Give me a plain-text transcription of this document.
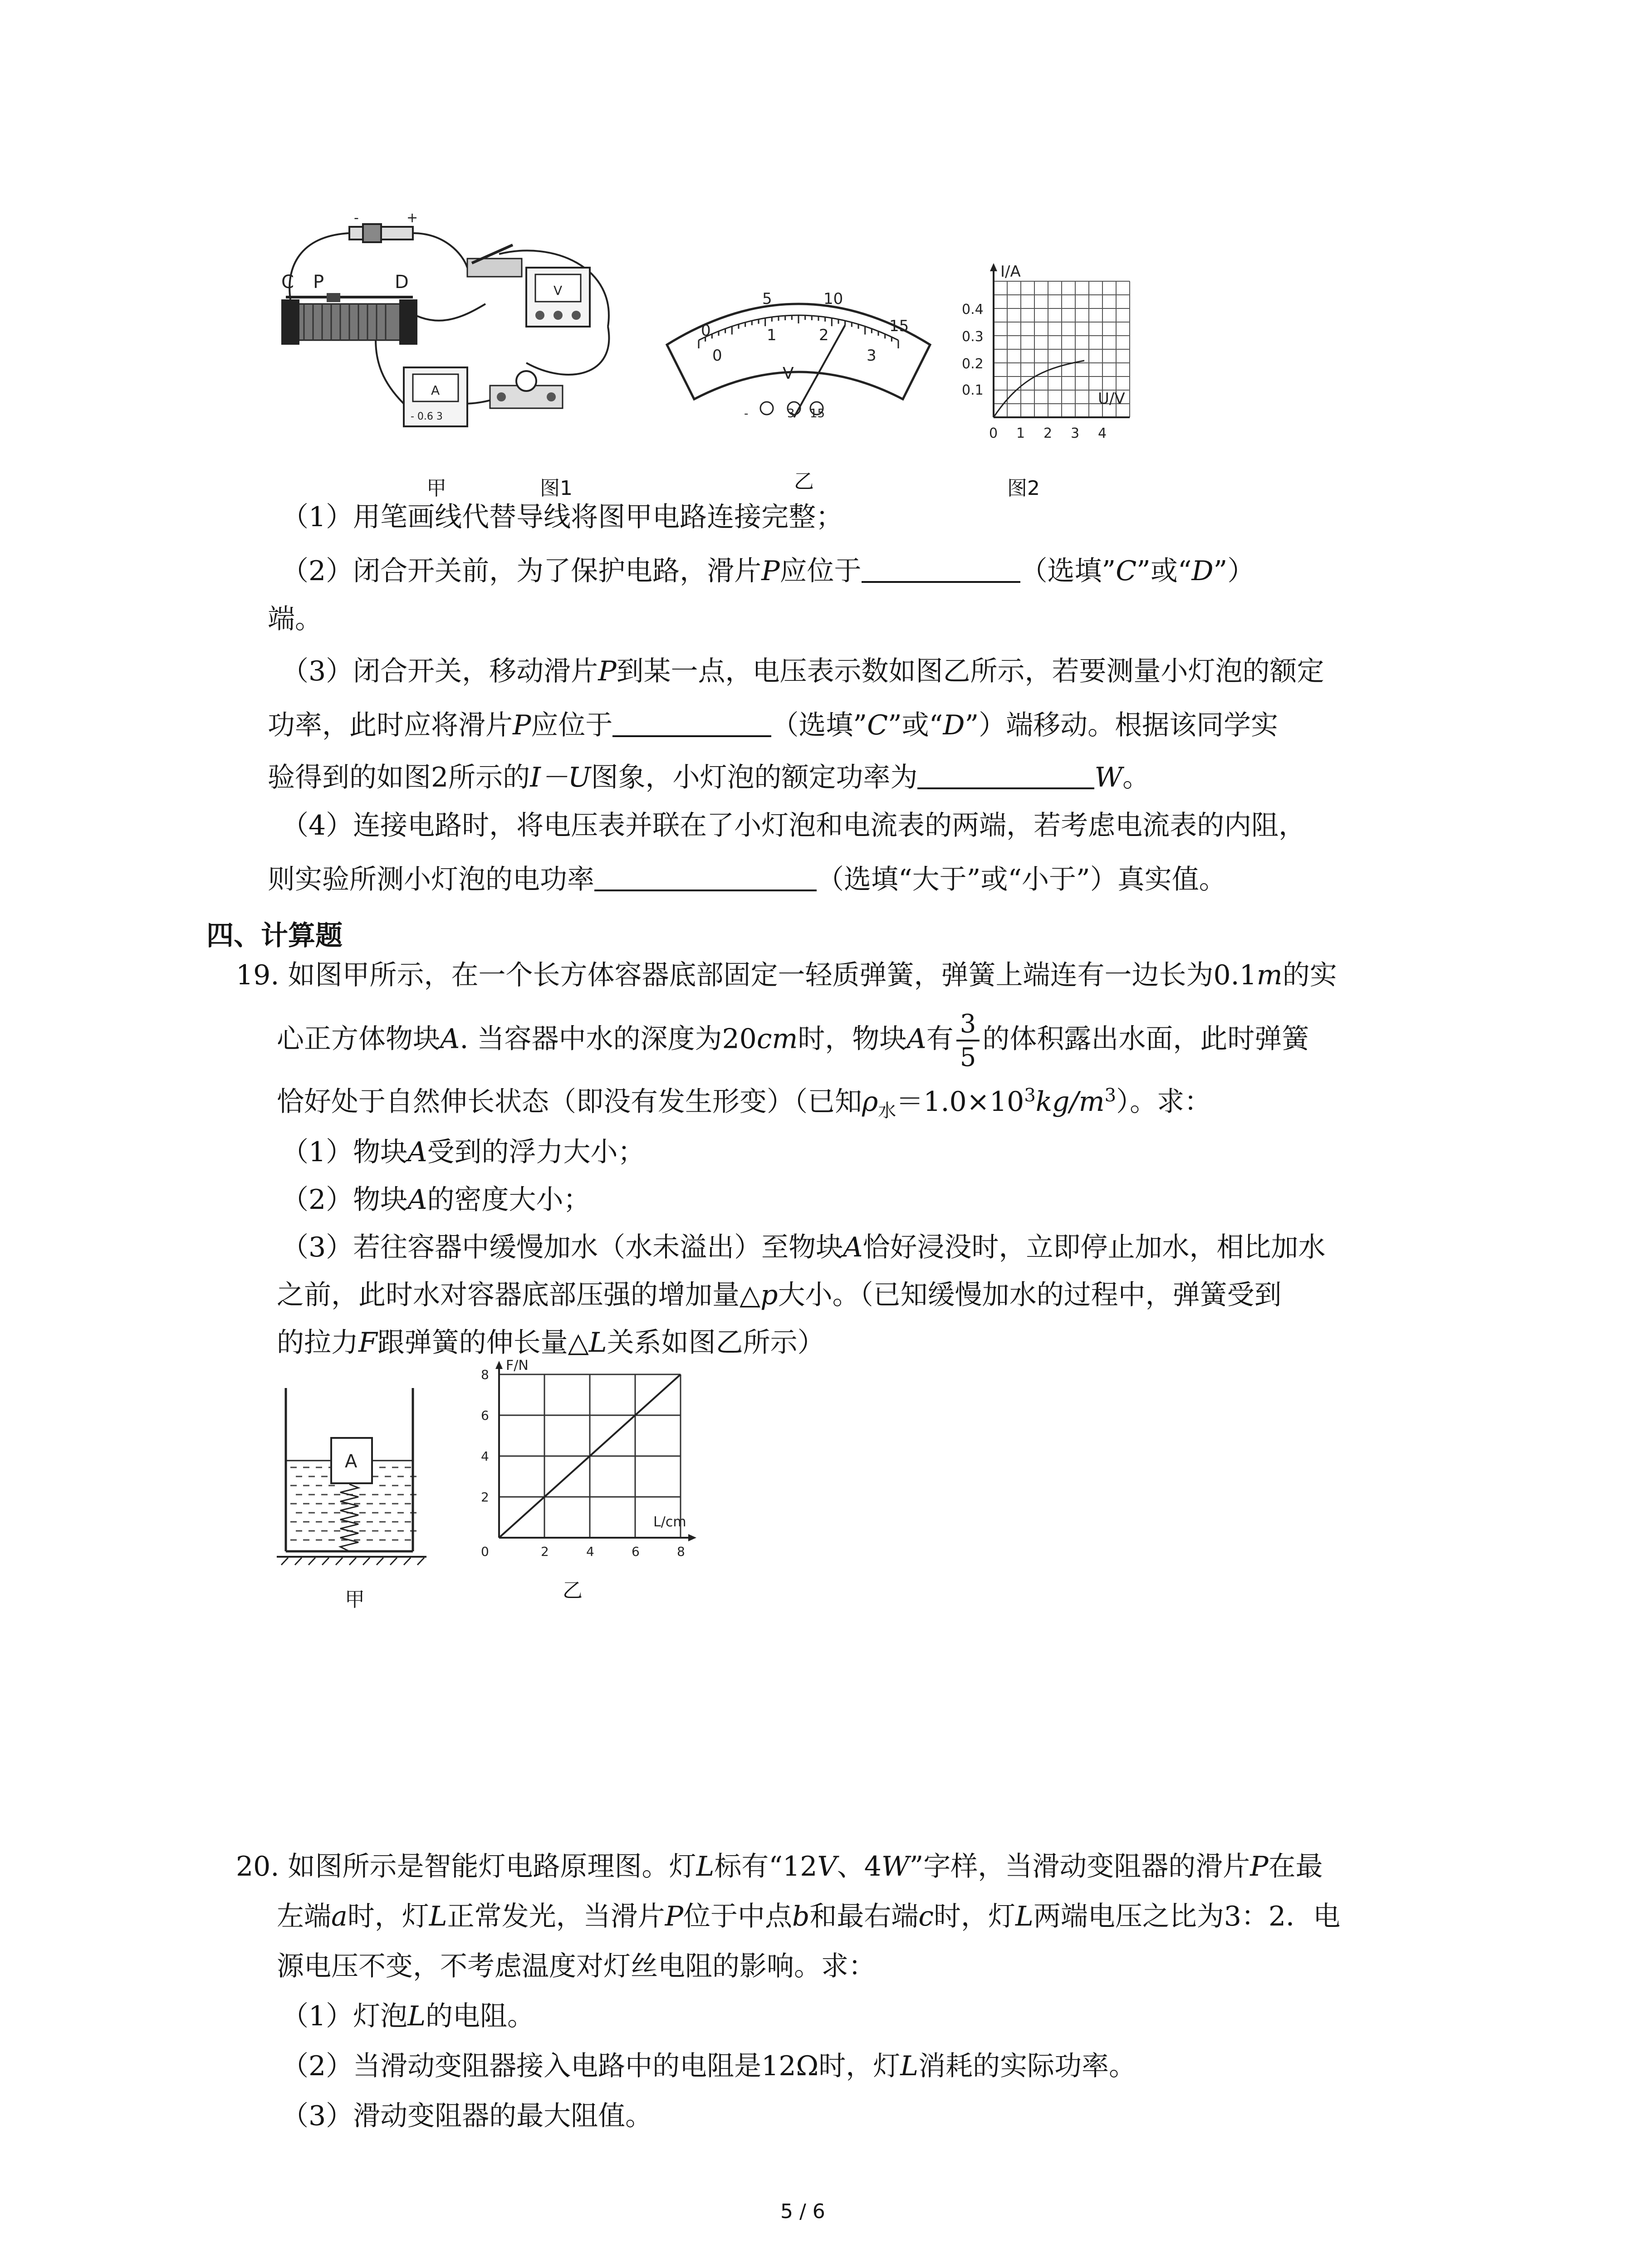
V
A
- 0.6 3
C P	D
-	+
0
5	10
15
0
1	2
3
V
-	3 15
I/A
U/V
0.1
0.2
0.3
0.4
0 1 2 3 4
甲	图1	乙	图2
（1）用笔画线代替导线将图甲电路连接完整；
（2）闭合开关前，为了保护电路，滑片P应位于	（选填”C”或“D”）
端。
（3）闭合开关，移动滑片P到某一点，电压表示数如图乙所示，若要测量小灯泡的额定
功率，此时应将滑片P应位于	（选填”C”或“D”）端移动。根据该同学实
验得到的如图2所示的I－U图象，小灯泡的额定功率为	W。
（4）连接电路时，将电压表并联在了小灯泡和电流表的两端，若考虑电流表的内阻，
则实验所测小灯泡的电功率	（选填“大于”或“小于”）真实值。
四、计算题
19. 如图甲所示，在一个长方体容器底部固定一轻质弹簧，弹簧上端连有一边长为0.1m的实
心正方体物块A. 当容器中水的深度为20cm时，物块A有 $\frac{3}{5}$ 的体积露出水面，此时弹簧
恰好处于自然伸长状态（即没有发生形变）（已知$\rho_水=1.0\times 10^3kg/m^3$）。求：
（1）物块A受到的浮力大小；
（2）物块A的密度大小；
（3）若往容器中缓慢加水（水未溢出）至物块A恰好浸没时，立即停止加水，相比加水
之前，此时水对容器底部压强的增加量△p大小。（已知缓慢加水的过程中，弹簧受到
的拉力F跟弹簧的伸长量△L关系如图乙所示）
A
甲
F/N
L/cm
2	4	6	8
2
4
6
8
0
乙
20. 如图所示是智能灯电路原理图。灯L标有“12V、4W”字样，当滑动变阻器的滑片P在最
左端a时，灯L正常发光，当滑片P位于中点b和最右端c时，灯L两端电压之比为3：2．电
源电压不变，不考虑温度对灯丝电阻的影响。求：
（1）灯泡L的电阻。
（2）当滑动变阻器接入电路中的电阻是12Ω时，灯L消耗的实际功率。
（3）滑动变阻器的最大阻值。
5 / 6
